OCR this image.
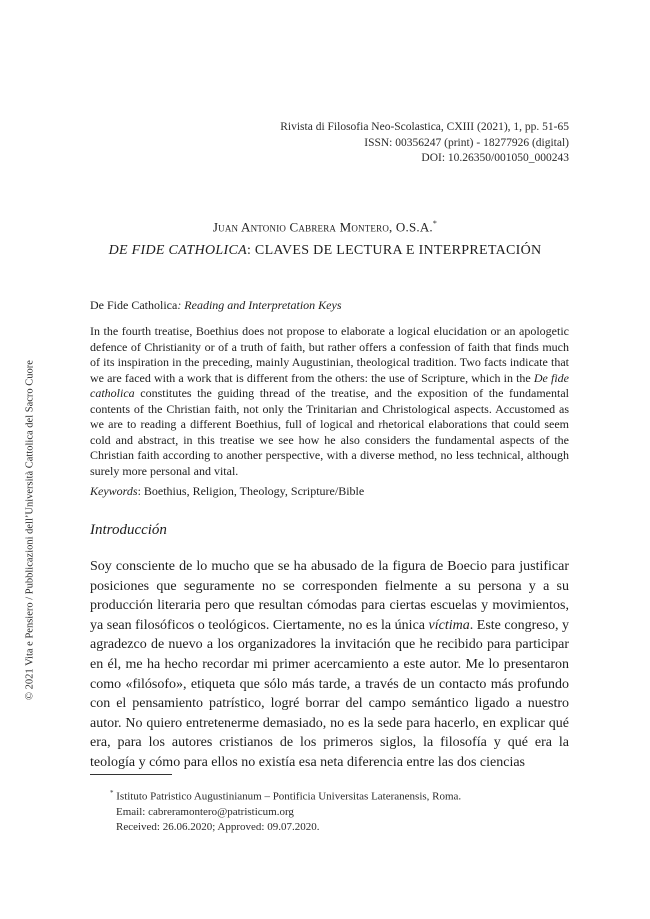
© 2021 Vita e Pensiero / Pubblicazioni dell’Università Cattolica del Sacro Cuore
Rivista di Filosofia Neo-Scolastica, CXIII (2021), 1, pp. 51-65
ISSN: 00356247 (print) - 18277926 (digital)
DOI: 10.26350/001050_000243
Juan Antonio Cabrera Montero, O.S.A.*
DE FIDE CATHOLICA: CLAVES DE LECTURA E INTERPRETACIÓN
De Fide Catholica: Reading and Interpretation Keys

In the fourth treatise, Boethius does not propose to elaborate a logical elucidation or an apologetic defence of Christianity or of a truth of faith, but rather offers a confession of faith that finds much of its inspiration in the preceding, mainly Augustinian, theological tradition. Two facts indicate that we are faced with a work that is different from the others: the use of Scripture, which in the De fide catholica constitutes the guiding thread of the treatise, and the exposition of the fundamental contents of the Christian faith, not only the Trinitarian and Christological aspects. Accustomed as we are to reading a different Boethius, full of logical and rhetorical elaborations that could seem cold and abstract, in this treatise we see how he also considers the fundamental aspects of the Christian faith according to another perspective, with a diverse method, no less technical, although surely more personal and vital.

Keywords: Boethius, Religion, Theology, Scripture/Bible
Introducción

Soy consciente de lo mucho que se ha abusado de la figura de Boecio para justificar posiciones que seguramente no se corresponden fielmente a su persona y a su producción literaria pero que resultan cómodas para ciertas escuelas y movimientos, ya sean filosóficos o teológicos. Ciertamente, no es la única víctima. Este congreso, y agradezco de nuevo a los organizadores la invitación que he recibido para participar en él, me ha hecho recordar mi primer acercamiento a este autor. Me lo presentaron como «filósofo», etiqueta que sólo más tarde, a través de un contacto más profundo con el pensamiento patrístico, logré borrar del campo semántico ligado a nuestro autor. No quiero entretenerme demasiado, no es la sede para hacerlo, en explicar qué era, para los autores cristianos de los primeros siglos, la filosofía y qué era la teología y cómo para ellos no existía esa neta diferencia entre las dos ciencias

* Istituto Patristico Augustinianum – Pontificia Universitas Lateranensis, Roma.
Email: cabreramontero@patristicum.org
Received: 26.06.2020; Approved: 09.07.2020.
